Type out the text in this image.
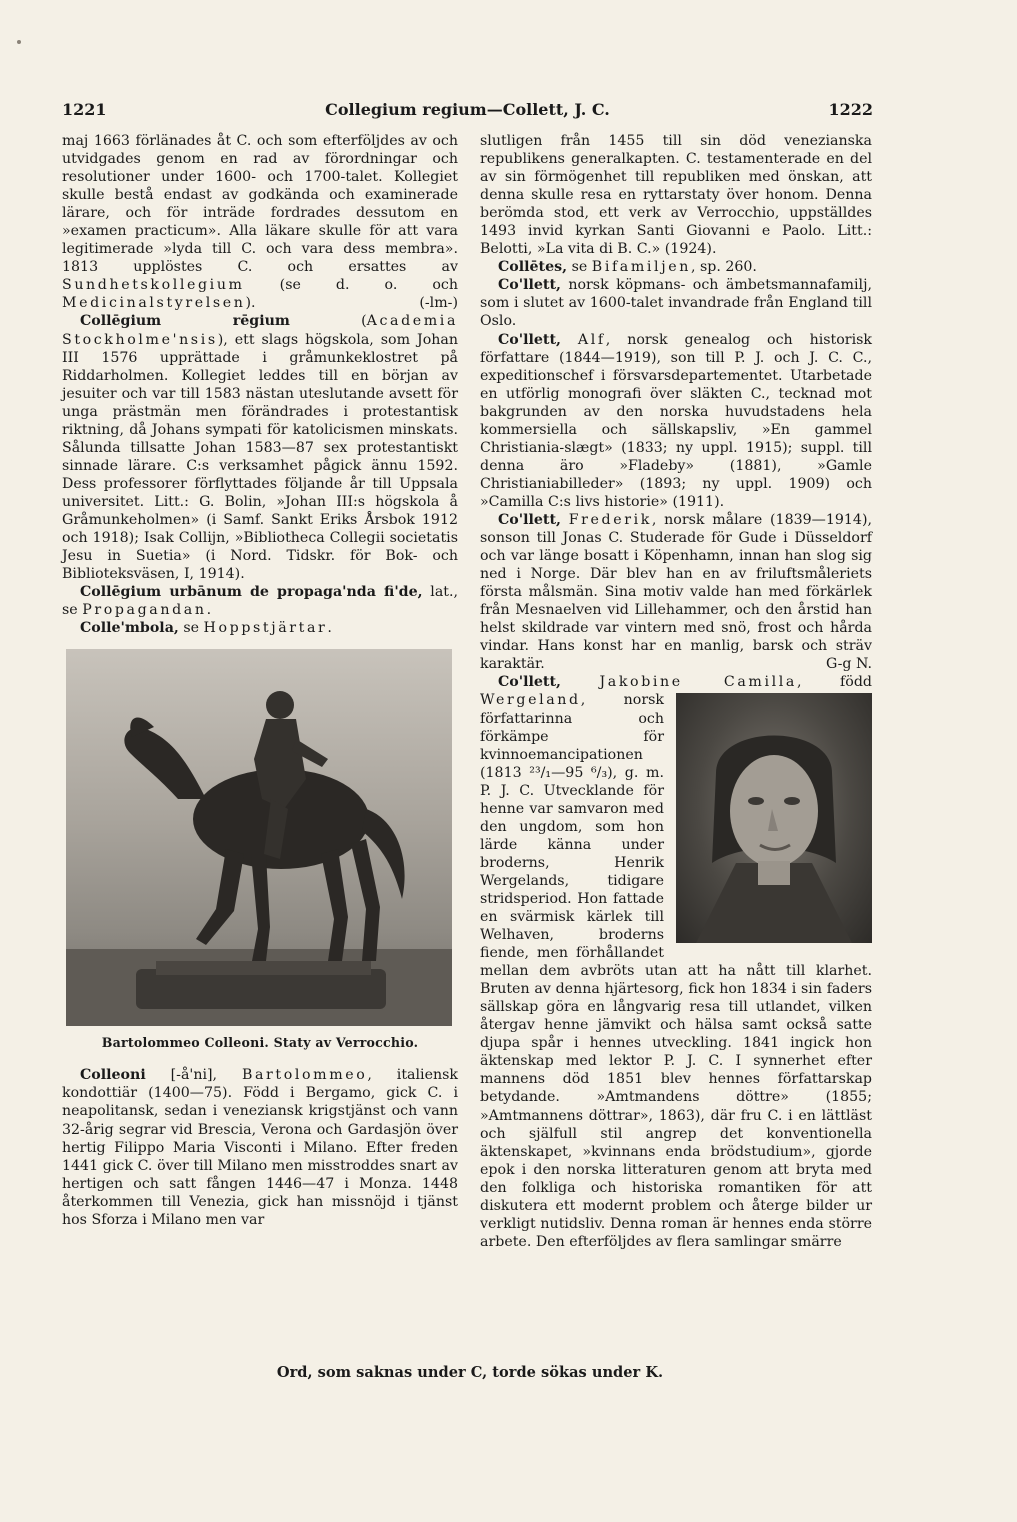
1221	Collegium regium—Collett, J. C.	1222

maj 1663 förlänades åt C. och som efterföljdes av och utvidgades genom en rad av förordningar och resolutioner under 1600- och 1700-talet. Kollegiet skulle bestå endast av godkända och examinerade lärare, och för inträde fordrades dessutom en »examen practicum». Alla läkare skulle för att vara legitimerade »lyda till C. och vara dess membra». 1813 upplöstes C. och ersattes av Sundhetskollegium (se d. o. och Medicinalstyrelsen).	(-lm-)

Collēgium rēgium	(Academia Stockholme'nsis), ett slags högskola, som Johan III 1576 upprättade i gråmunkeklostret på Riddarholmen. Kollegiet leddes till en början av jesuiter och var till 1583 nästan uteslutande avsett för unga prästmän men förändrades i protestantisk riktning, då Johans sympati för katolicismen minskats. Sålunda tillsatte Johan 1583—87 sex protestantiskt sinnade lärare. C:s verksamhet pågick ännu 1592. Dess professorer förflyttades följande år till Uppsala universitet. Litt.: G. Bolin, »Johan III:s högskola å Gråmunkeholmen» (i Samf. Sankt Eriks Årsbok 1912 och 1918); Isak Collijn, »Bibliotheca Collegii societatis Jesu in Suetia» (i Nord. Tidskr. för Bok- och Biblioteksväsen, I, 1914).

Collēgium urbānum de propaga'nda fi'de, lat., se Propagandan.

Colle'mbola, se Hoppstjärtar.

Bartolommeo Colleoni. Staty av Verrocchio.

Colleoni [-å'ni], Bartolommeo, italiensk kondottiär (1400—75). Född i Bergamo, gick C. i neapolitansk, sedan i veneziansk krigstjänst och vann 32-årig segrar vid Brescia, Verona och Gardasjön över hertig Filippo Maria Visconti i Milano. Efter freden 1441 gick C. över till Milano men misstroddes snart av hertigen och satt fången 1446—47 i Monza. 1448 återkommen till Venezia, gick han missnöjd i tjänst hos Sforza i Milano men var

slutligen från 1455 till sin död venezianska republikens generalkapten. C. testamenterade en del av sin förmögenhet till republiken med önskan, att denna skulle resa en ryttarstaty över honom. Denna berömda stod, ett verk av Verrocchio, uppställdes 1493 invid kyrkan Santi Giovanni e Paolo. Litt.: Belotti, »La vita di B. C.» (1924).

Collētes, se Bifamiljen, sp. 260.

Co'llett, norsk köpmans- och ämbetsmannafamilj, som i slutet av 1600-talet invandrade från England till Oslo.

Co'llett, Alf, norsk genealog och historisk författare (1844—1919), son till P. J. och J. C. C., expeditionschef i försvarsdepartementet. Utarbetade en utförlig monografi över släkten C., tecknad mot bakgrunden av den norska huvudstadens hela kommersiella och sällskapsliv, »En gammel Christiania-slægt» (1833; ny uppl. 1915); suppl. till denna äro »Fladeby» (1881), »Gamle Christianiabilleder» (1893; ny uppl. 1909) och »Camilla C:s livs historie» (1911).

Co'llett, Frederik, norsk målare (1839—1914), sonson till Jonas C. Studerade för Gude i Düsseldorf och var länge bosatt i Köpenhamn, innan han slog sig ned i Norge. Där blev han en av friluftsmåleriets första målsmän. Sina motiv valde han med förkärlek från Mesnaelven vid Lillehammer, och den årstid han helst skildrade var vintern med snö, frost och hårda vindar. Hans konst har en manlig, barsk och sträv karaktär.	G-g N.

Co'llett,	Jakobine Camilla, född Wergeland
, norsk författarinna och förkämpe för kvinnoemancipationen (1813 ²³/₁—95 ⁶/₃), g. m. P. J. C. Utvecklande för henne var samvaron med den ungdom, som hon lärde känna under broderns, Henrik Wergelands, tidigare stridsperiod. Hon fattade en svärmisk kärlek till Welhaven, broderns fiende, men förhållandet mellan dem avbröts utan att ha nått till klarhet. Bruten av denna hjärtesorg, fick hon 1834 i sin faders sällskap göra en långvarig resa till utlandet, vilken återgav henne jämvikt och hälsa samt också satte djupa spår i hennes utveckling. 1841 ingick hon äktenskap med lektor P. J. C. I synnerhet efter mannens död 1851 blev hennes författarskap betydande. »Amtmandens döttre» (1855; »Amtmannens döttrar», 1863), där fru C. i en lättläst och själfull stil angrep det konventionella äktenskapet, »kvinnans enda brödstudium», gjorde epok i den norska litteraturen genom att bryta med den folkliga och historiska romantiken för att diskutera ett modernt problem och återge bilder ur verkligt nutidsliv. Denna roman är hennes enda större arbete. Den efterföljdes av flera samlingar smärre

Ord, som saknas under C, torde sökas under K.
